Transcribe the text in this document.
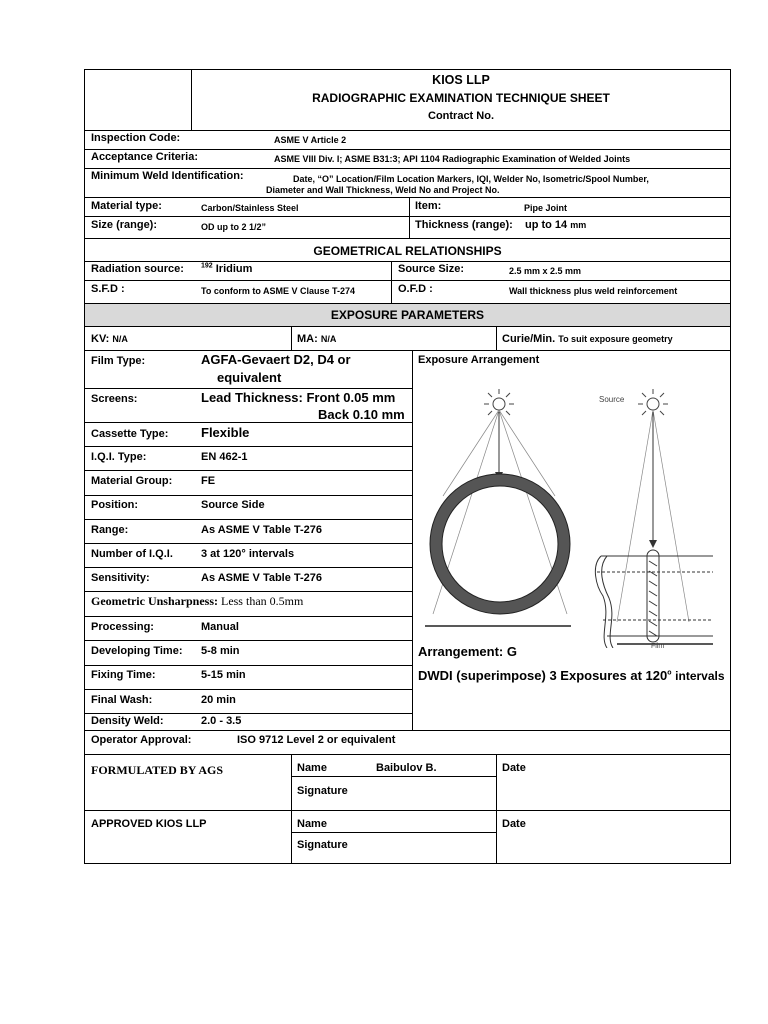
KIOS LLP
RADIOGRAPHIC EXAMINATION TECHNIQUE SHEET
Contract No.
Inspection Code:	ASME V Article 2
Acceptance Criteria:	ASME VIII Div. I; ASME B31:3; API 1104 Radiographic Examination of Welded Joints
Minimum Weld Identification:	Date, “O” Location/Film Location Markers, IQI, Welder No, Isometric/Spool Number,
Diameter and Wall Thickness, Weld No and Project No.
Material type:	Carbon/Stainless Steel	Item:	Pipe Joint
Size (range):	OD up to 2 1/2”	Thickness (range): up to 14 mm
GEOMETRICAL RELATIONSHIPS
Radiation source: $^{192}$ Iridium	Source Size:	2.5 mm x 2.5 mm
S.F.D :	To conform to ASME V Clause T-274	O.F.D :	Wall thickness plus weld reinforcement
EXPOSURE PARAMETERS
KV: N/A	MA: N/A	Curie/Min. To suit exposure geometry
Film Type:	AGFA-Gevaert D2, D4 or
equivalent
Screens:	Lead Thickness: Front 0.05 mm
Back 0.10 mm
Cassette Type:	Flexible
I.Q.I. Type:	EN 462-1
Material Group:	FE
Position:	Source Side
Range:	As ASME V Table T-276
Number of I.Q.I.	3 at 120° intervals
Sensitivity:	As ASME V Table T-276
Geometric Unsharpness: Less than 0.5mm
Processing:	Manual
Developing Time: 5-8 min
Fixing Time:	5-15 min
Final Wash:	20 min
Density Weld:	2.0 - 3.5
Exposure Arrangement
Source
Film
Arrangement: G
DWDI (superimpose) 3 Exposures at 120$^o$ intervals
Operator Approval:	ISO 9712 Level 2 or equivalent
FORMULATED BY AGS	Name	Baibulov B.
Signature
Date
APPROVED KIOS LLP	Name
Signature
Date
